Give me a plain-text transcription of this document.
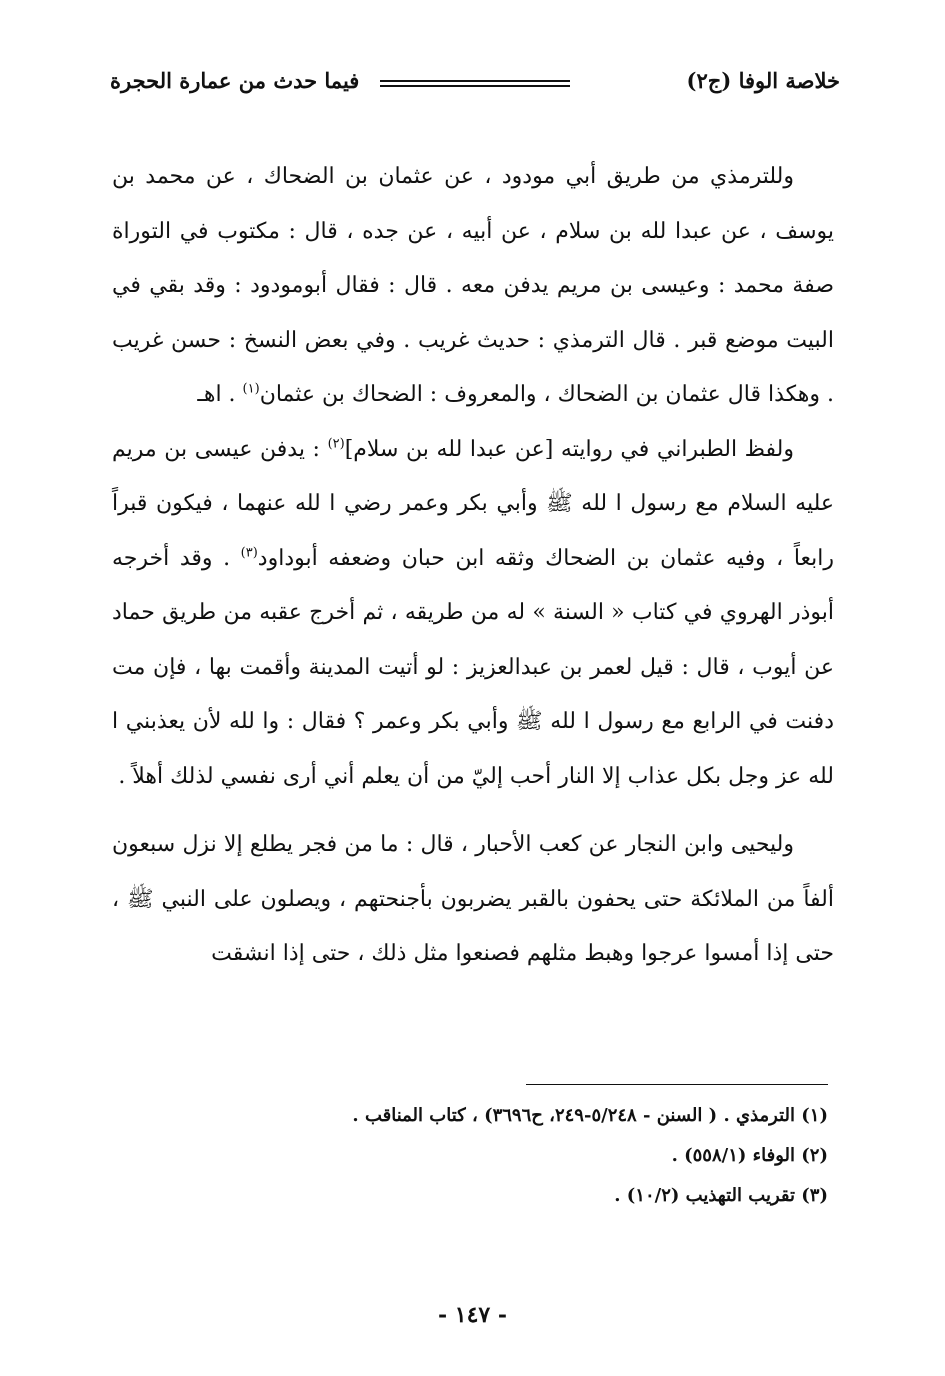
خلاصة الوفا (ج٢)
فيما حدث من عمارة الحجرة

وللترمذي من طريق أبي مودود ، عن عثمان بن الضحاك ، عن محمد بن يوسف ، عن عبدا لله بن سلام ، عن أبيه ، عن جده ، قال : مكتوب في التوراة صفة محمد : وعيسى بن مريم يدفن معه . قال : فقال أبومودود : وقد بقي في البيت موضع قبر . قال الترمذي : حديث غريب . وفي بعض النسخ : حسن غريب . وهكذا قال عثمان بن الضحاك ، والمعروف : الضحاك بن عثمان$^{(١)}$ . اهـ

ولفظ الطبراني في روايته [عن عبدا لله بن سلام]$^{(٢)}$ : يدفن عيسى بن مريم عليه السلام مع رسول ا لله ﷺ وأبي بكر وعمر رضي ا لله عنهما ، فيكون قبراً رابعاً ، وفيه عثمان بن الضحاك وثقه ابن حبان وضعفه أبوداود$^{(٣)}$ . وقد أخرجه أبوذر الهروي في كتاب « السنة » له من طريقه ، ثم أخرج عقبه من طريق حماد عن أيوب ، قال : قيل لعمر بن عبدالعزيز : لو أتيت المدينة وأقمت بها ، فإن مت دفنت في الرابع مع رسول ا لله ﷺ وأبي بكر وعمر ؟ فقال : وا لله لأن يعذبني ا لله عز وجل بكل عذاب إلا النار أحب إليّ من أن يعلم أني أرى نفسي لذلك أهلاً .

وليحيى وابن النجار عن كعب الأحبار ، قال : ما من فجر يطلع إلا نزل سبعون ألفاً من الملائكة حتى يحفون بالقبر يضربون بأجنحتهم ، ويصلون على النبي ﷺ ، حتى إذا أمسوا عرجوا وهبط مثلهم فصنعوا مثل ذلك ، حتى إذا انشقت

(١) الترمذي . ( السنن - ٥/٢٤٨-٢٤٩، ح٣٦٩٦) ، كتاب المناقب .

(٢) الوفاء (٥٥٨/١) .

(٣) تقريب التهذيب (١٠/٢) .

- ١٤٧ -
